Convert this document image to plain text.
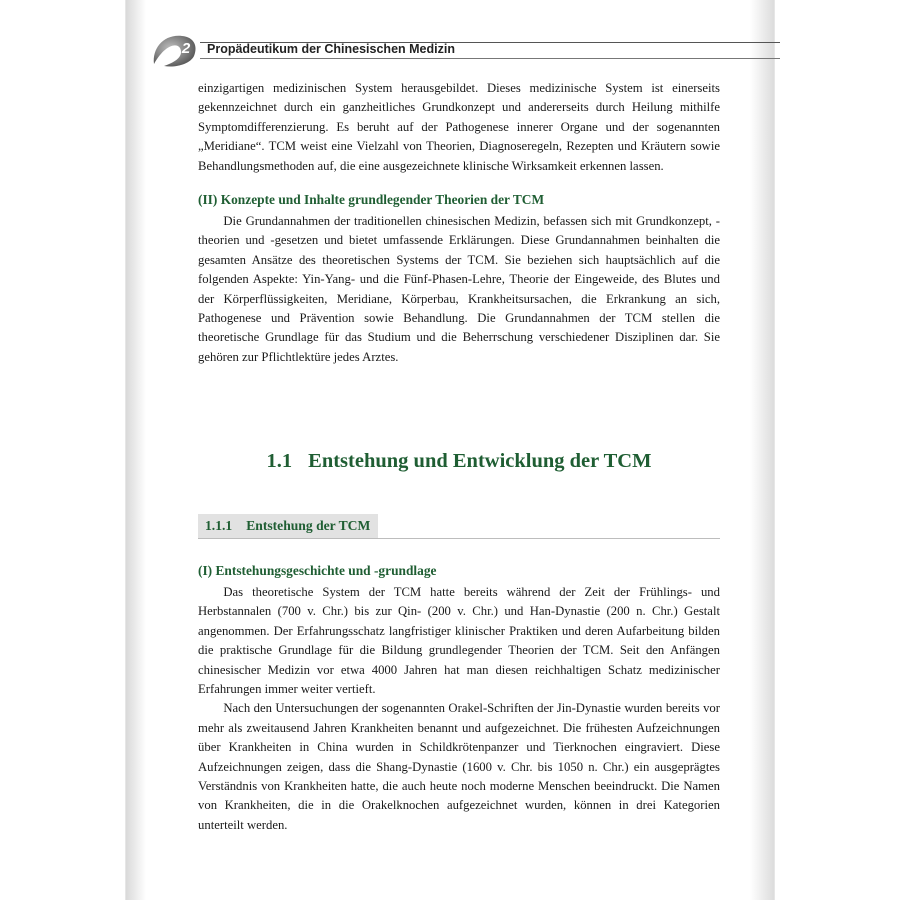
2	Propädeutikum der Chinesischen Medizin

einzigartigen medizinischen System herausgebildet. Dieses medizinische System ist einerseits gekennzeichnet durch ein ganzheitliches Grundkonzept und andererseits durch Heilung mithilfe Symptomdifferenzierung. Es beruht auf der Pathogenese innerer Organe und der sogenannten „Meridiane“. TCM weist eine Vielzahl von Theorien, Diagnoseregeln, Rezepten und Kräutern sowie Behandlungsmethoden auf, die eine ausgezeichnete klinische Wirksamkeit erkennen lassen.

(II) Konzepte und Inhalte grundlegender Theorien der TCM

Die Grundannahmen der traditionellen chinesischen Medizin, befassen sich mit Grundkonzept, -theorien und -gesetzen und bietet umfassende Erklärungen. Diese Grundannahmen beinhalten die gesamten Ansätze des theoretischen Systems der TCM. Sie beziehen sich hauptsächlich auf die folgenden Aspekte: Yin-Yang- und die Fünf-Phasen-Lehre, Theorie der Eingeweide, des Blutes und der Körperflüssigkeiten, Meridiane, Körperbau, Krankheitsursachen, die Erkrankung an sich, Pathogenese und Prävention sowie Behandlung. Die Grundannahmen der TCM stellen die theoretische Grundlage für das Studium und die Beherrschung verschiedener Disziplinen dar. Sie gehören zur Pflichtlektüre jedes Arztes.

1.1 Entstehung und Entwicklung der TCM
1.1.1 Entstehung der TCM

(I) Entstehungsgeschichte und -grundlage

Das theoretische System der TCM hatte bereits während der Zeit der Frühlings- und Herbstannalen (700 v. Chr.) bis zur Qin- (200 v. Chr.) und Han-Dynastie (200 n. Chr.) Gestalt angenommen. Der Erfahrungsschatz langfristiger klinischer Praktiken und deren Aufarbeitung bilden die praktische Grundlage für die Bildung grundlegender Theorien der TCM. Seit den Anfängen chinesischer Medizin vor etwa 4000 Jahren hat man diesen reichhaltigen Schatz medizinischer Erfahrungen immer weiter vertieft.

Nach den Untersuchungen der sogenannten Orakel-Schriften der Jin-Dynastie wurden bereits vor mehr als zweitausend Jahren Krankheiten benannt und aufgezeichnet. Die frühesten Aufzeichnungen über Krankheiten in China wurden in Schildkrötenpanzer und Tierknochen eingraviert. Diese Aufzeichnungen zeigen, dass die Shang-Dynastie (1600 v. Chr. bis 1050 n. Chr.) ein ausgeprägtes Verständnis von Krankheiten hatte, die auch heute noch moderne Menschen beeindruckt. Die Namen von Krankheiten, die in die Orakelknochen aufgezeichnet wurden, können in drei Kategorien unterteilt werden.
